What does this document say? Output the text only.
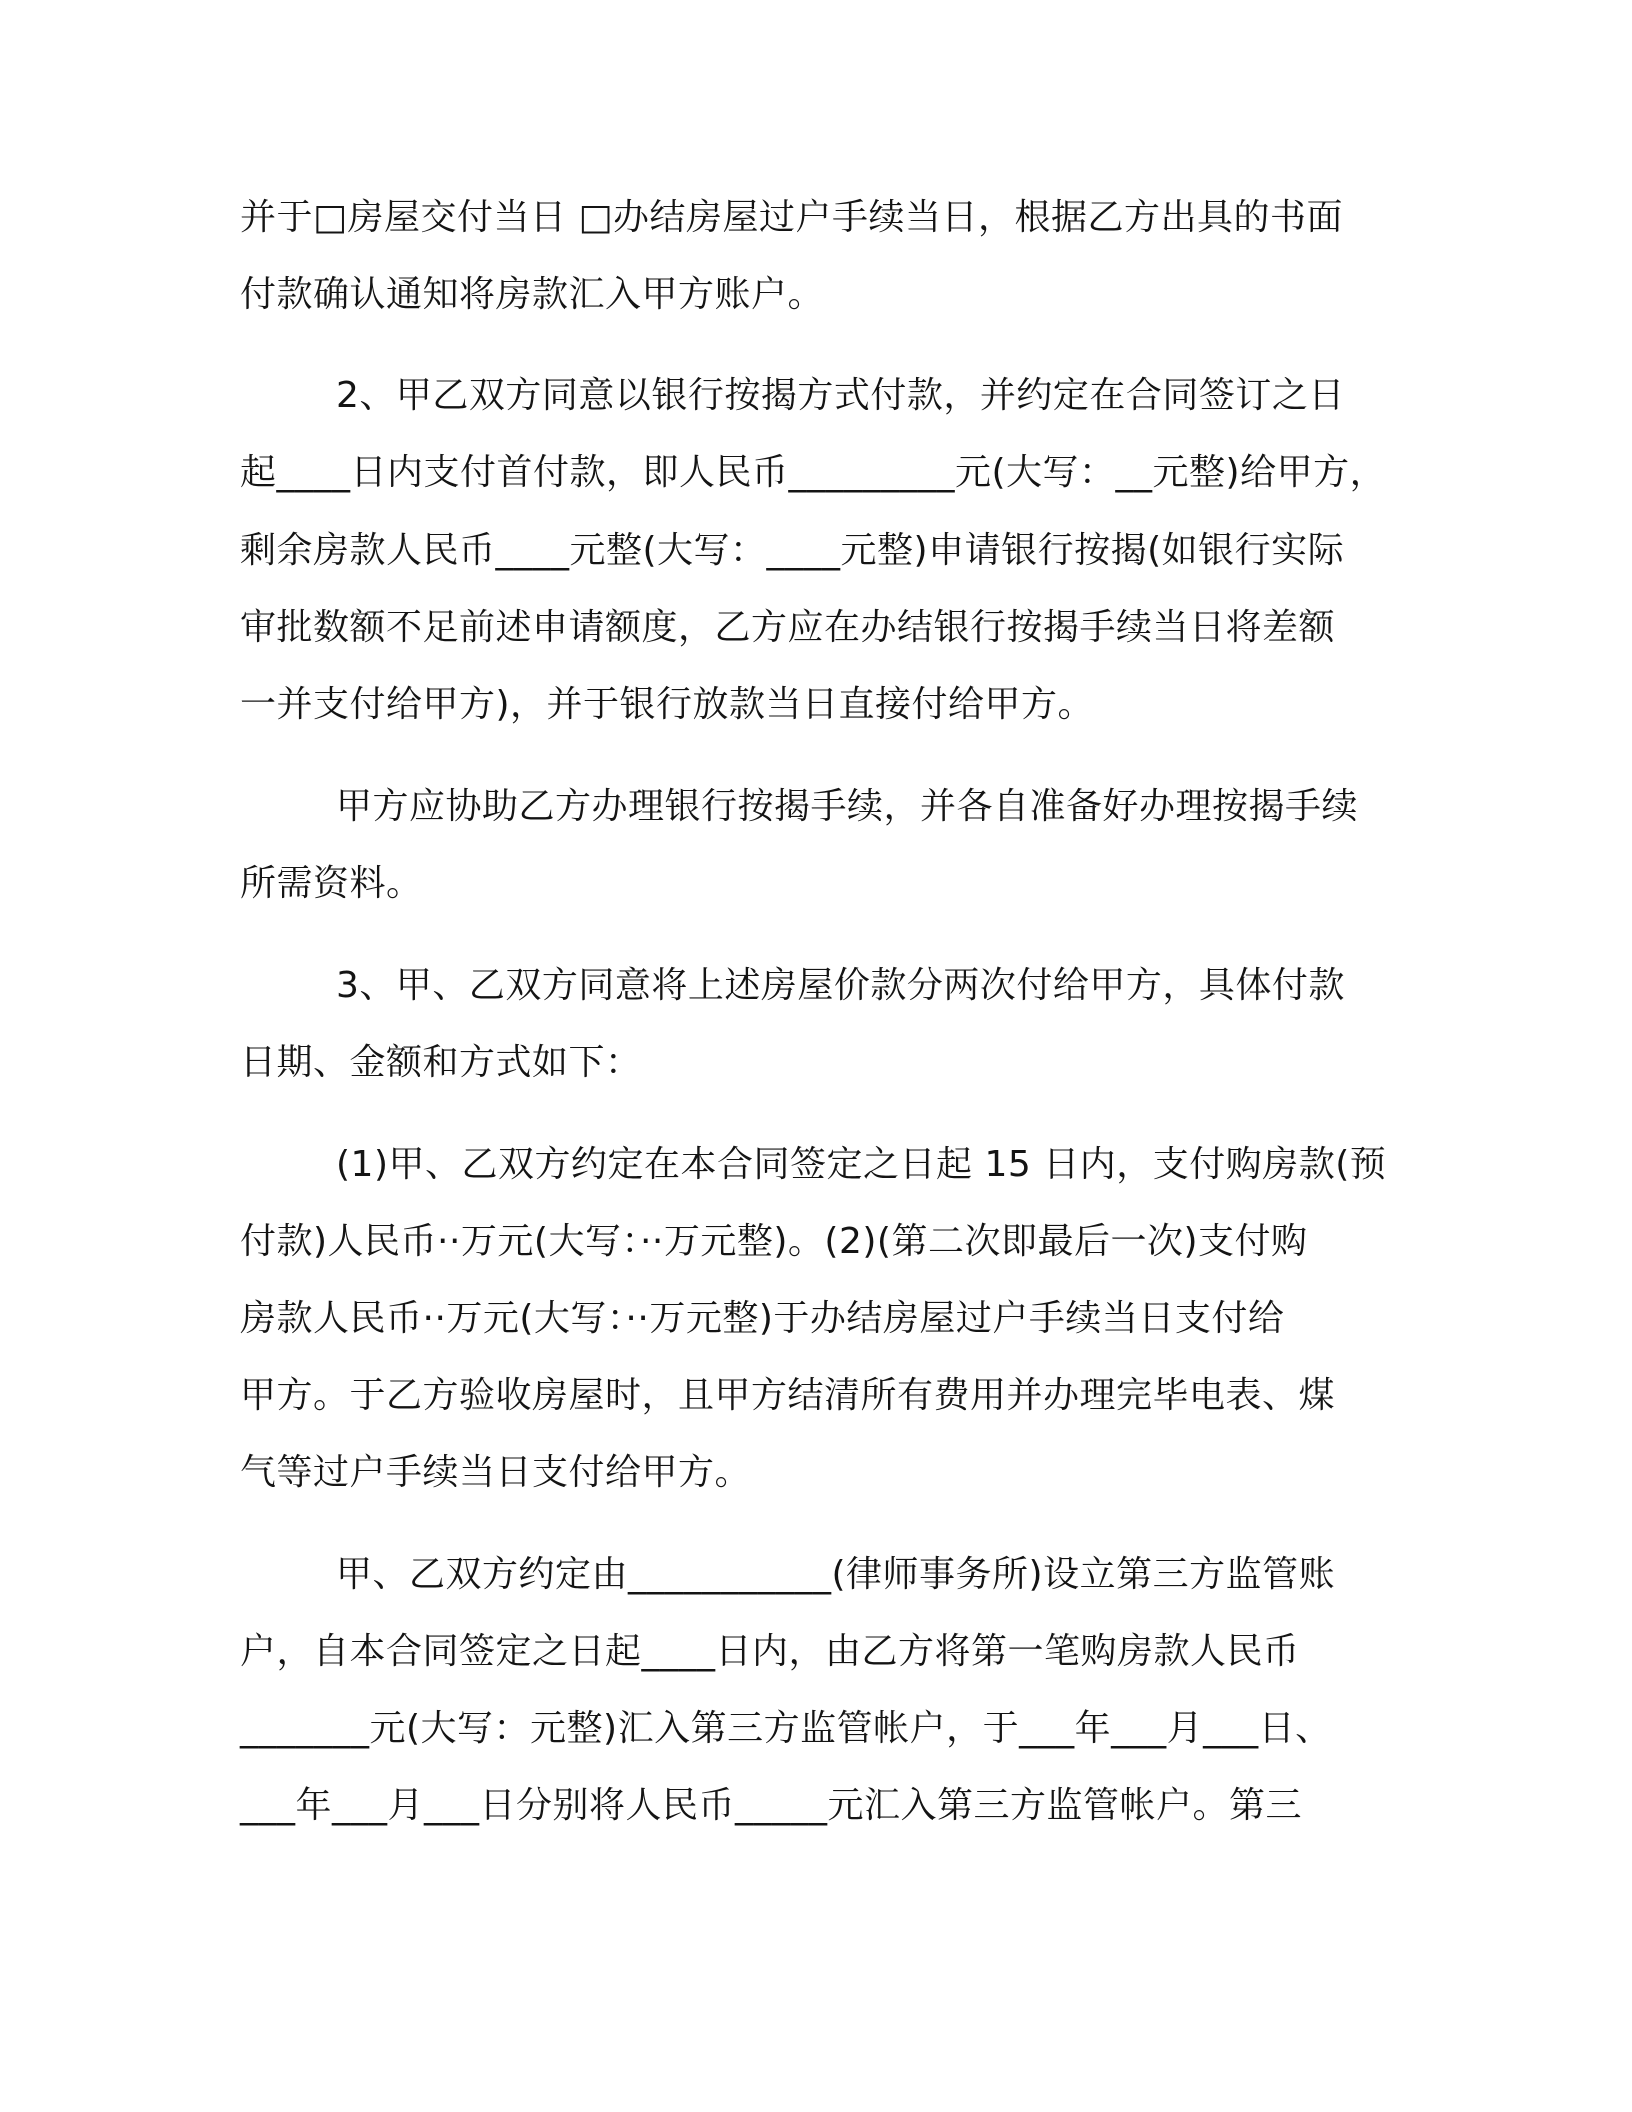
并于□房屋交付当日 □办结房屋过户手续当日，根据乙方出具的书面
付款确认通知将房款汇入甲方账户。
2、甲乙双方同意以银行按揭方式付款，并约定在合同签订之日
起____日内支付首付款，即人民币_________元(大写：__元整)给甲方，
剩余房款人民币____元整(大写：____元整)申请银行按揭(如银行实际
审批数额不足前述申请额度，乙方应在办结银行按揭手续当日将差额
一并支付给甲方)，并于银行放款当日直接付给甲方。
甲方应协助乙方办理银行按揭手续，并各自准备好办理按揭手续
所需资料。
3、甲、乙双方同意将上述房屋价款分两次付给甲方，具体付款
日期、金额和方式如下：
(1)甲、乙双方约定在本合同签定之日起 15 日内，支付购房款(预
付款)人民币··万元(大写：··万元整)。(2)(第二次即最后一次)支付购
房款人民币··万元(大写：··万元整)于办结房屋过户手续当日支付给
甲方。于乙方验收房屋时，且甲方结清所有费用并办理完毕电表、煤
气等过户手续当日支付给甲方。
甲、乙双方约定由___________(律师事务所)设立第三方监管账
户，自本合同签定之日起____日内，由乙方将第一笔购房款人民币
_______元(大写：元整)汇入第三方监管帐户，于___年___月___日、
___年___月___日分别将人民币_____元汇入第三方监管帐户。第三
